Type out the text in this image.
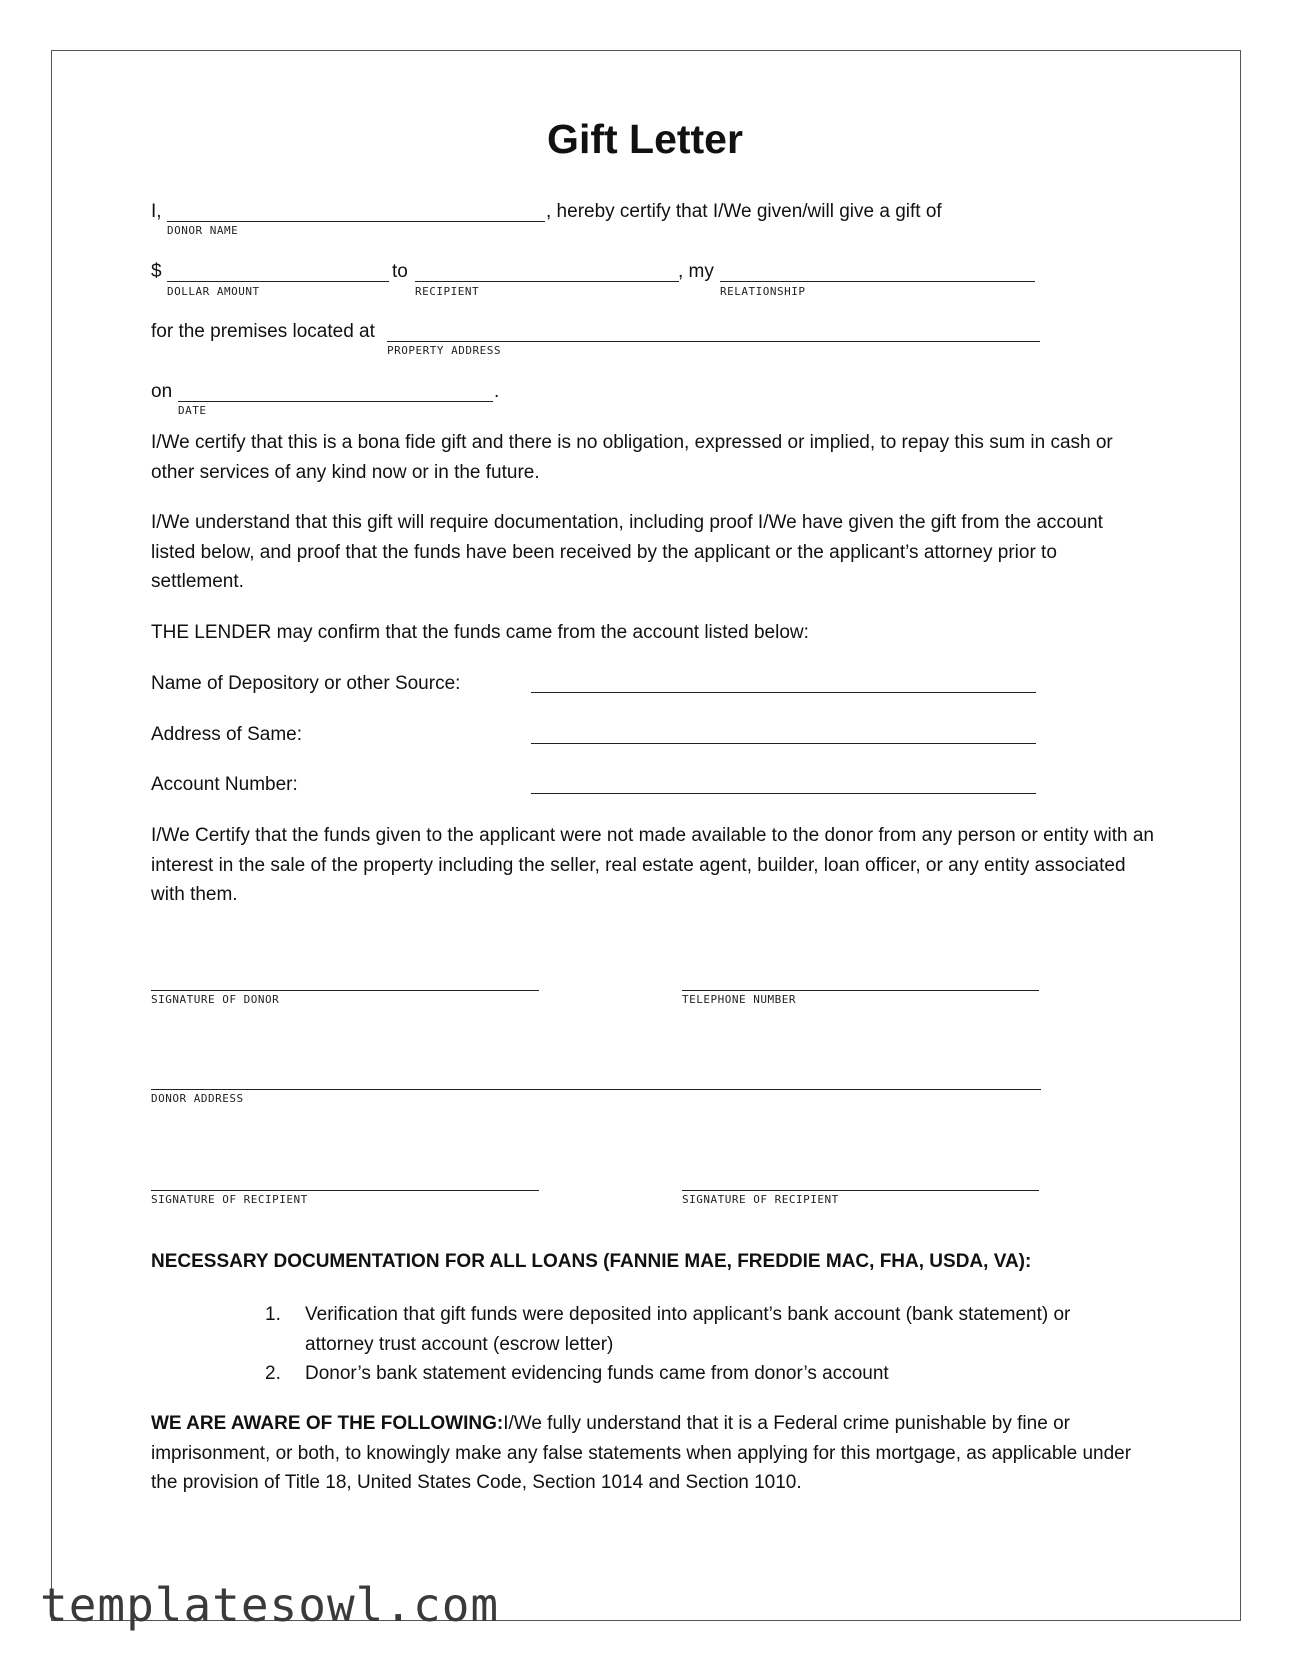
Gift Letter
I,	, hereby certify that I/We given/will give a gift of
DONOR NAME
$
DOLLAR AMOUNT
to
RECIPIENT
, my
RELATIONSHIP
for the premises located at
PROPERTY ADDRESS
on	.
DATE
I/We certify that this is a bona fide gift and there is no obligation, expressed or implied, to repay this sum in cash or other services of any kind now or in the future.
I/We understand that this gift will require documentation, including proof I/We have given the gift from the account listed below, and proof that the funds have been received by the applicant or the applicant’s attorney prior to settlement.
THE LENDER may confirm that the funds came from the account listed below:
Name of Depository or other Source:
Address of Same:
Account Number:
I/We Certify that the funds given to the applicant were not made available to the donor from any person or entity with an interest in the sale of the property including the seller, real estate agent, builder, loan officer, or any entity associated with them.
SIGNATURE OF DONOR	TELEPHONE NUMBER
DONOR ADDRESS
SIGNATURE OF RECIPIENT	SIGNATURE OF RECIPIENT
NECESSARY DOCUMENTATION FOR ALL LOANS (FANNIE MAE, FREDDIE MAC, FHA, USDA, VA):
1. Verification that gift funds were deposited into applicant’s bank account (bank statement) or attorney trust account (escrow letter)
2. Donor’s bank statement evidencing funds came from donor’s account
WE ARE AWARE OF THE FOLLOWING:I/We fully understand that it is a Federal crime punishable by fine or imprisonment, or both, to knowingly make any false statements when applying for this mortgage, as applicable under the provision of Title 18, United States Code, Section 1014 and Section 1010.
templatesowl.com
